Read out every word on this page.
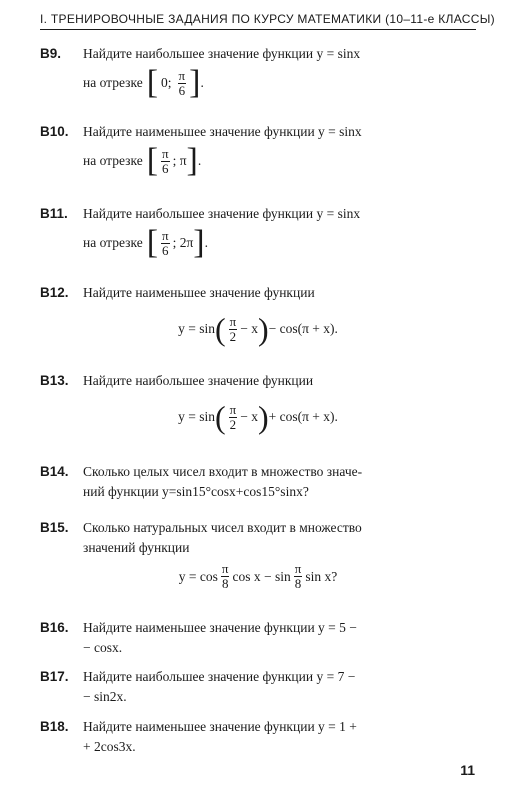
I. ТРЕНИРОВОЧНЫЕ ЗАДАНИЯ ПО КУРСУ МАТЕМАТИКИ (10–11-е КЛАССЫ)
B9.	Найдите наибольшее значение функции y = sinx
на отрезке [ 0; $\frac{\pi}{6}$ ] .
B10.	Найдите наименьшее значение функции y = sinx
на отрезке [ $\frac{\pi}{6}$ ; π ] .
B11.	Найдите наибольшее значение функции y = sinx
на отрезке [ $\frac{\pi}{6}$ ; 2π ] .
B12.	Найдите наименьшее значение функции
y = sin ( $\frac{\pi}{2} - x$ ) − cos(π + x).
B13.	Найдите наибольшее значение функции
y = sin ( $\frac{\pi}{2} - x$ ) + cos(π + x).
B14.	Сколько целых чисел входит в множество значе-
ний функции y=sin15°cosx+cos15°sinx?
B15.	Сколько натуральных чисел входит в множество
значений функции
$y = \cos \frac{\pi}{8}$ $\cos x - \sin \frac{\pi}{8}$ sin x?
B16.	Найдите наименьшее значение функции y = 5 −
− cosx.
B17.	Найдите наибольшее значение функции y = 7 −
− sin2x.
B18.	Найдите наименьшее значение функции y = 1 +
+ 2cos3x.
11
